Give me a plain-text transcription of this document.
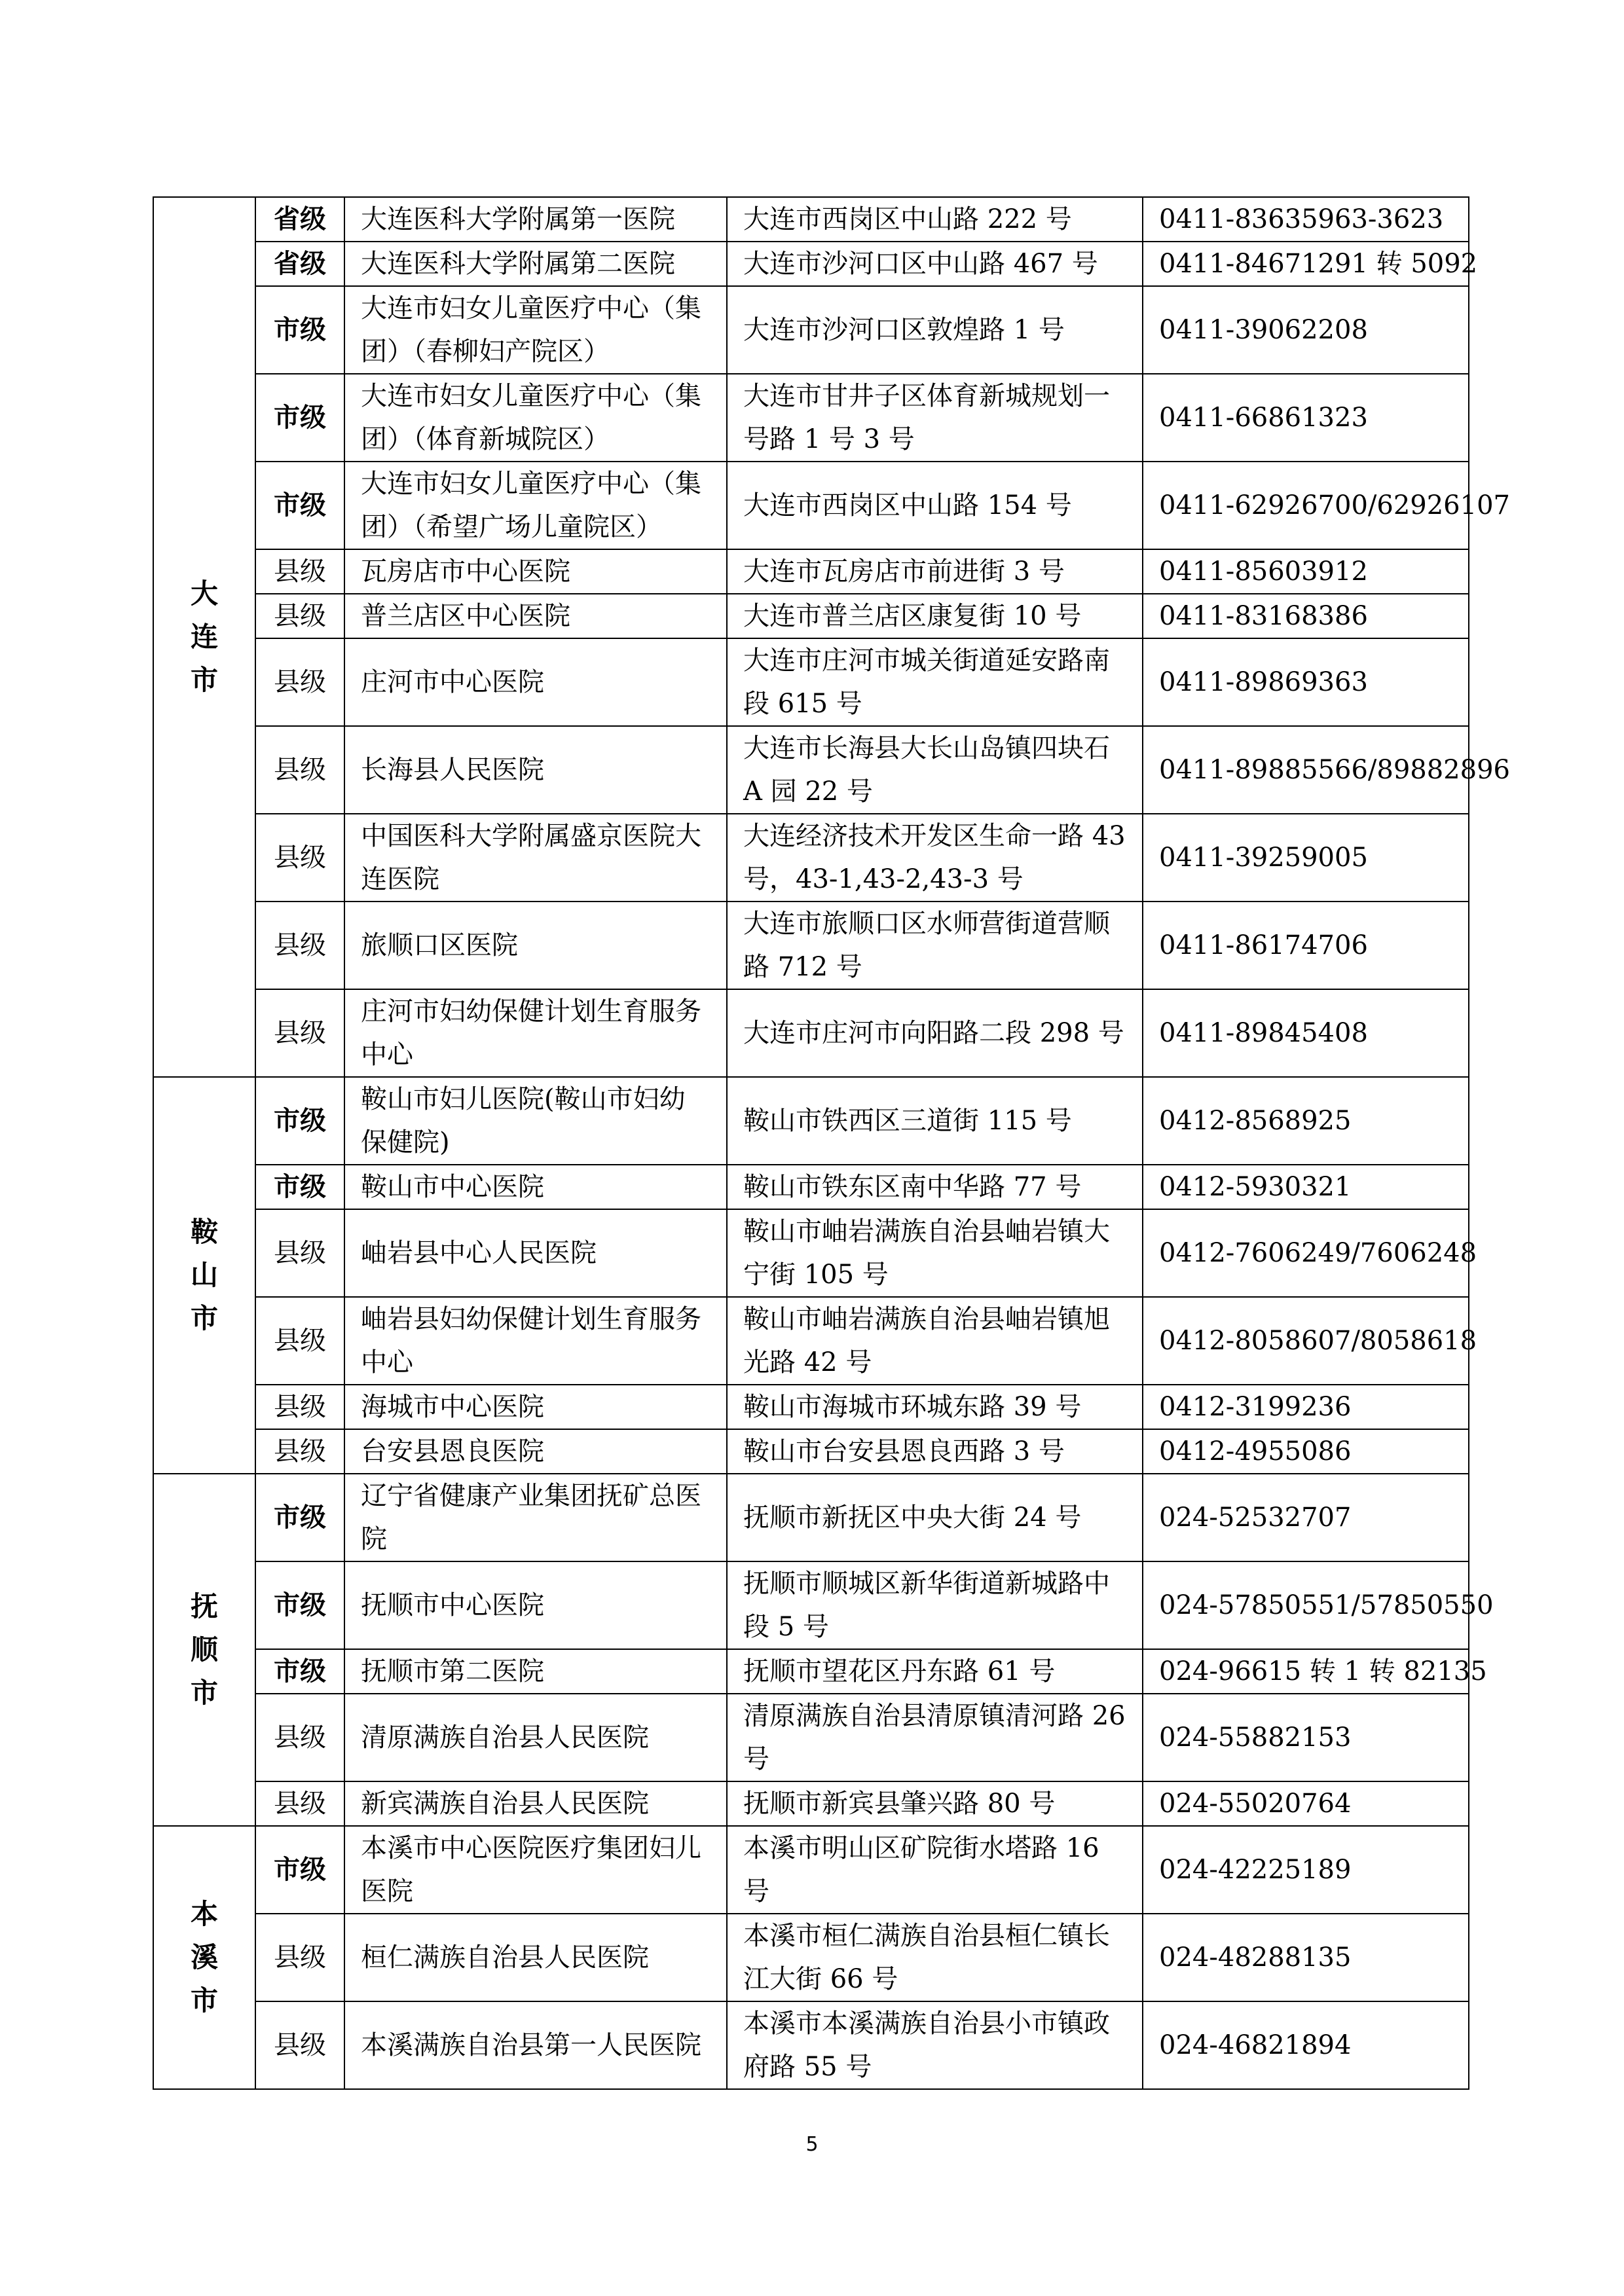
大
连
市	省级	大连医科大学附属第一医院	大连市西岗区中山路 222 号	0411-83635963-3623
	省级	大连医科大学附属第二医院	大连市沙河口区中山路 467 号	0411-84671291 转 5092
	市级	大连市妇女儿童医疗中心（集团）（春柳妇产院区）	大连市沙河口区敦煌路 1 号	0411-39062208
	市级	大连市妇女儿童医疗中心（集团）（体育新城院区）	大连市甘井子区体育新城规划一号路 1 号 3 号	0411-66861323
	市级	大连市妇女儿童医疗中心（集团）（希望广场儿童院区）	大连市西岗区中山路 154 号	0411-62926700/62926107
	县级	瓦房店市中心医院	大连市瓦房店市前进街 3 号	0411-85603912
	县级	普兰店区中心医院	大连市普兰店区康复街 10 号	0411-83168386
	县级	庄河市中心医院	大连市庄河市城关街道延安路南段 615 号	0411-89869363
	县级	长海县人民医院	大连市长海县大长山岛镇四块石 A 园 22 号	0411-89885566/89882896
	县级	中国医科大学附属盛京医院大连医院	大连经济技术开发区生命一路 43 号，43-1,43-2,43-3 号	0411-39259005
	县级	旅顺口区医院	大连市旅顺口区水师营街道营顺路 712 号	0411-86174706
	县级	庄河市妇幼保健计划生育服务中心	大连市庄河市向阳路二段 298 号	0411-89845408

鞍
山
市	市级	鞍山市妇儿医院(鞍山市妇幼保健院)	鞍山市铁西区三道街 115 号	0412-8568925
	市级	鞍山市中心医院	鞍山市铁东区南中华路 77 号	0412-5930321
	县级	岫岩县中心人民医院	鞍山市岫岩满族自治县岫岩镇大宁街 105 号	0412-7606249/7606248
	县级	岫岩县妇幼保健计划生育服务中心	鞍山市岫岩满族自治县岫岩镇旭光路 42 号	0412-8058607/8058618
	县级	海城市中心医院	鞍山市海城市环城东路 39 号	0412-3199236
	县级	台安县恩良医院	鞍山市台安县恩良西路 3 号	0412-4955086

抚
顺
市	市级	辽宁省健康产业集团抚矿总医院	抚顺市新抚区中央大街 24 号	024-52532707
	市级	抚顺市中心医院	抚顺市顺城区新华街道新城路中段 5 号	024-57850551/57850550
	市级	抚顺市第二医院	抚顺市望花区丹东路 61 号	024-96615 转 1 转 82135
	县级	清原满族自治县人民医院	清原满族自治县清原镇清河路 26 号	024-55882153
	县级	新宾满族自治县人民医院	抚顺市新宾县肇兴路 80 号	024-55020764

本
溪
市	市级	本溪市中心医院医疗集团妇儿医院	本溪市明山区矿院街水塔路 16 号	024-42225189
	县级	桓仁满族自治县人民医院	本溪市桓仁满族自治县桓仁镇长江大街 66 号	024-48288135
	县级	本溪满族自治县第一人民医院	本溪市本溪满族自治县小市镇政府路 55 号	024-46821894
5
